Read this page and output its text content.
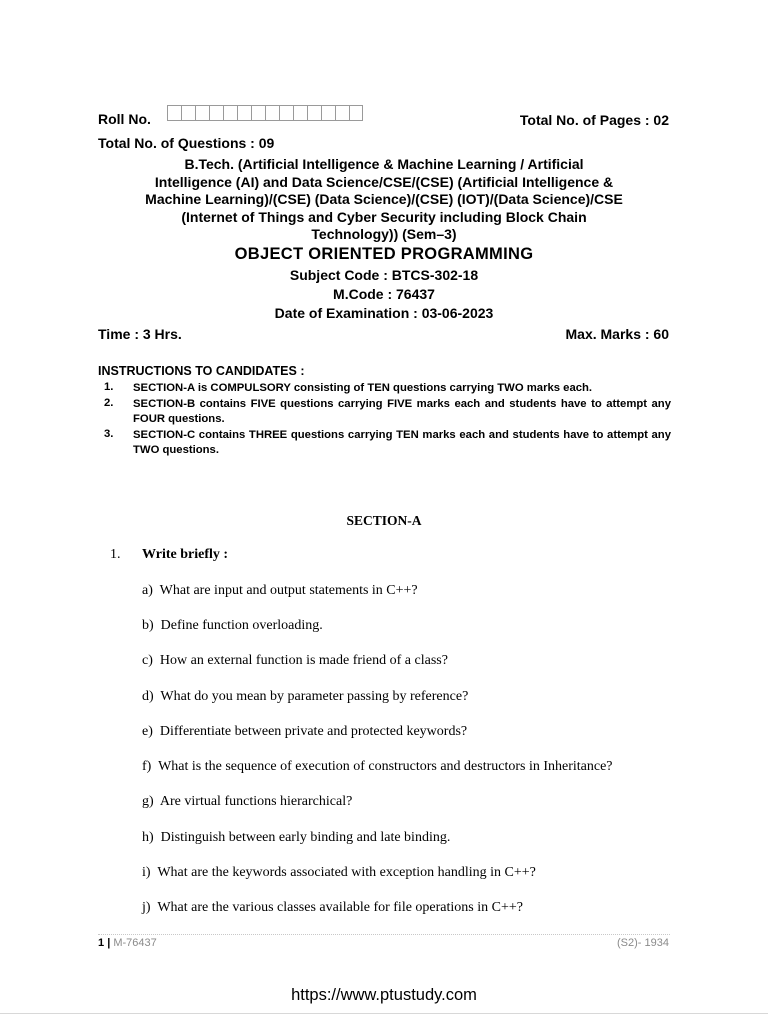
Roll No.	Total No. of Pages : 02
Total No. of Questions : 09
B.Tech. (Artificial Intelligence & Machine Learning / Artificial
Intelligence (AI) and Data Science/CSE/(CSE) (Artificial Intelligence &
Machine Learning)/(CSE) (Data Science)/(CSE) (IOT)/(Data Science)/CSE
(Internet of Things and Cyber Security including Block Chain
Technology)) (Sem–3)
OBJECT ORIENTED PROGRAMMING
Subject Code : BTCS-302-18
M.Code : 76437
Date of Examination : 03-06-2023
Time : 3 Hrs.	Max. Marks : 60
INSTRUCTIONS TO CANDIDATES :
1.	SECTION-A is COMPULSORY consisting of TEN questions carrying TWO marks each.
2.	SECTION-B contains FIVE questions carrying FIVE marks each and students have to attempt any FOUR questions.
3.	SECTION-C contains THREE questions carrying TEN marks each and students have to attempt any TWO questions.
SECTION-A
1. Write briefly :
a) What are input and output statements in C++?
b) Define function overloading.
c) How an external function is made friend of a class?
d) What do you mean by parameter passing by reference?
e) Differentiate between private and protected keywords?
f) What is the sequence of execution of constructors and destructors in Inheritance?
g) Are virtual functions hierarchical?
h) Distinguish between early binding and late binding.
i) What are the keywords associated with exception handling in C++?
j) What are the various classes available for file operations in C++?
1 | M-76437	(S2)- 1934
https://www.ptustudy.com
